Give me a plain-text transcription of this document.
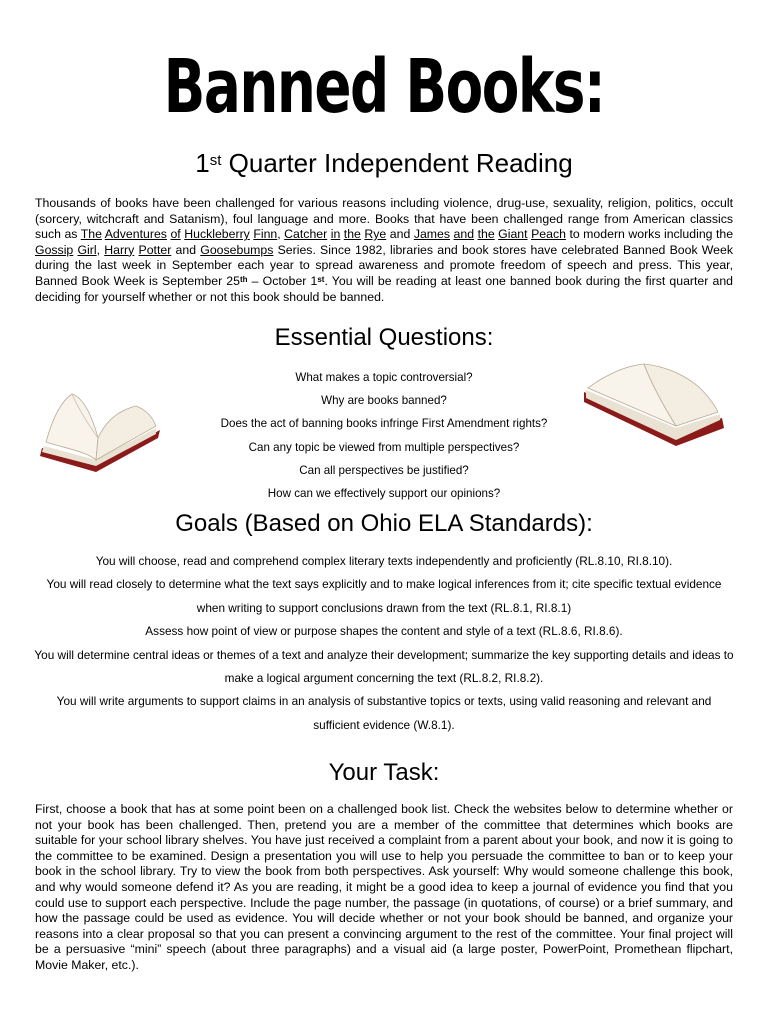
Banned Books:
1st Quarter Independent Reading

Thousands of books have been challenged for various reasons including violence, drug-use, sexuality, religion, politics, occult (sorcery, witchcraft and Satanism), foul language and more. Books that have been challenged range from American classics such as The Adventures of Huckleberry Finn, Catcher in the Rye and James and the Giant Peach to modern works including the Gossip Girl, Harry Potter and Goosebumps Series. Since 1982, libraries and book stores have celebrated Banned Book Week during the last week in September each year to spread awareness and promote freedom of speech and press. This year, Banned Book Week is September 25th – October 1st. You will be reading at least one banned book during the first quarter and deciding for yourself whether or not this book should be banned.

Essential Questions:
What makes a topic controversial?
Why are books banned?
Does the act of banning books infringe First Amendment rights?
Can any topic be viewed from multiple perspectives?
Can all perspectives be justified?
How can we effectively support our opinions?
Goals (Based on Ohio ELA Standards):
You will choose, read and comprehend complex literary texts independently and proficiently (RL.8.10, RI.8.10).
You will read closely to determine what the text says explicitly and to make logical inferences from it; cite specific textual evidence when writing to support conclusions drawn from the text (RL.8.1, RI.8.1)
Assess how point of view or purpose shapes the content and style of a text (RL.8.6, RI.8.6).
You will determine central ideas or themes of a text and analyze their development; summarize the key supporting details and ideas to make a logical argument concerning the text (RL.8.2, RI.8.2).
You will write arguments to support claims in an analysis of substantive topics or texts, using valid reasoning and relevant and sufficient evidence (W.8.1).
Your Task:

First, choose a book that has at some point been on a challenged book list. Check the websites below to determine whether or not your book has been challenged. Then, pretend you are a member of the committee that determines which books are suitable for your school library shelves. You have just received a complaint from a parent about your book, and now it is going to the committee to be examined. Design a presentation you will use to help you persuade the committee to ban or to keep your book in the school library. Try to view the book from both perspectives. Ask yourself: Why would someone challenge this book, and why would someone defend it? As you are reading, it might be a good idea to keep a journal of evidence you find that you could use to support each perspective. Include the page number, the passage (in quotations, of course) or a brief summary, and how the passage could be used as evidence. You will decide whether or not your book should be banned, and organize your reasons into a clear proposal so that you can present a convincing argument to the rest of the committee. Your final project will be a persuasive “mini” speech (about three paragraphs) and a visual aid (a large poster, PowerPoint, Promethean flipchart, Movie Maker, etc.).
